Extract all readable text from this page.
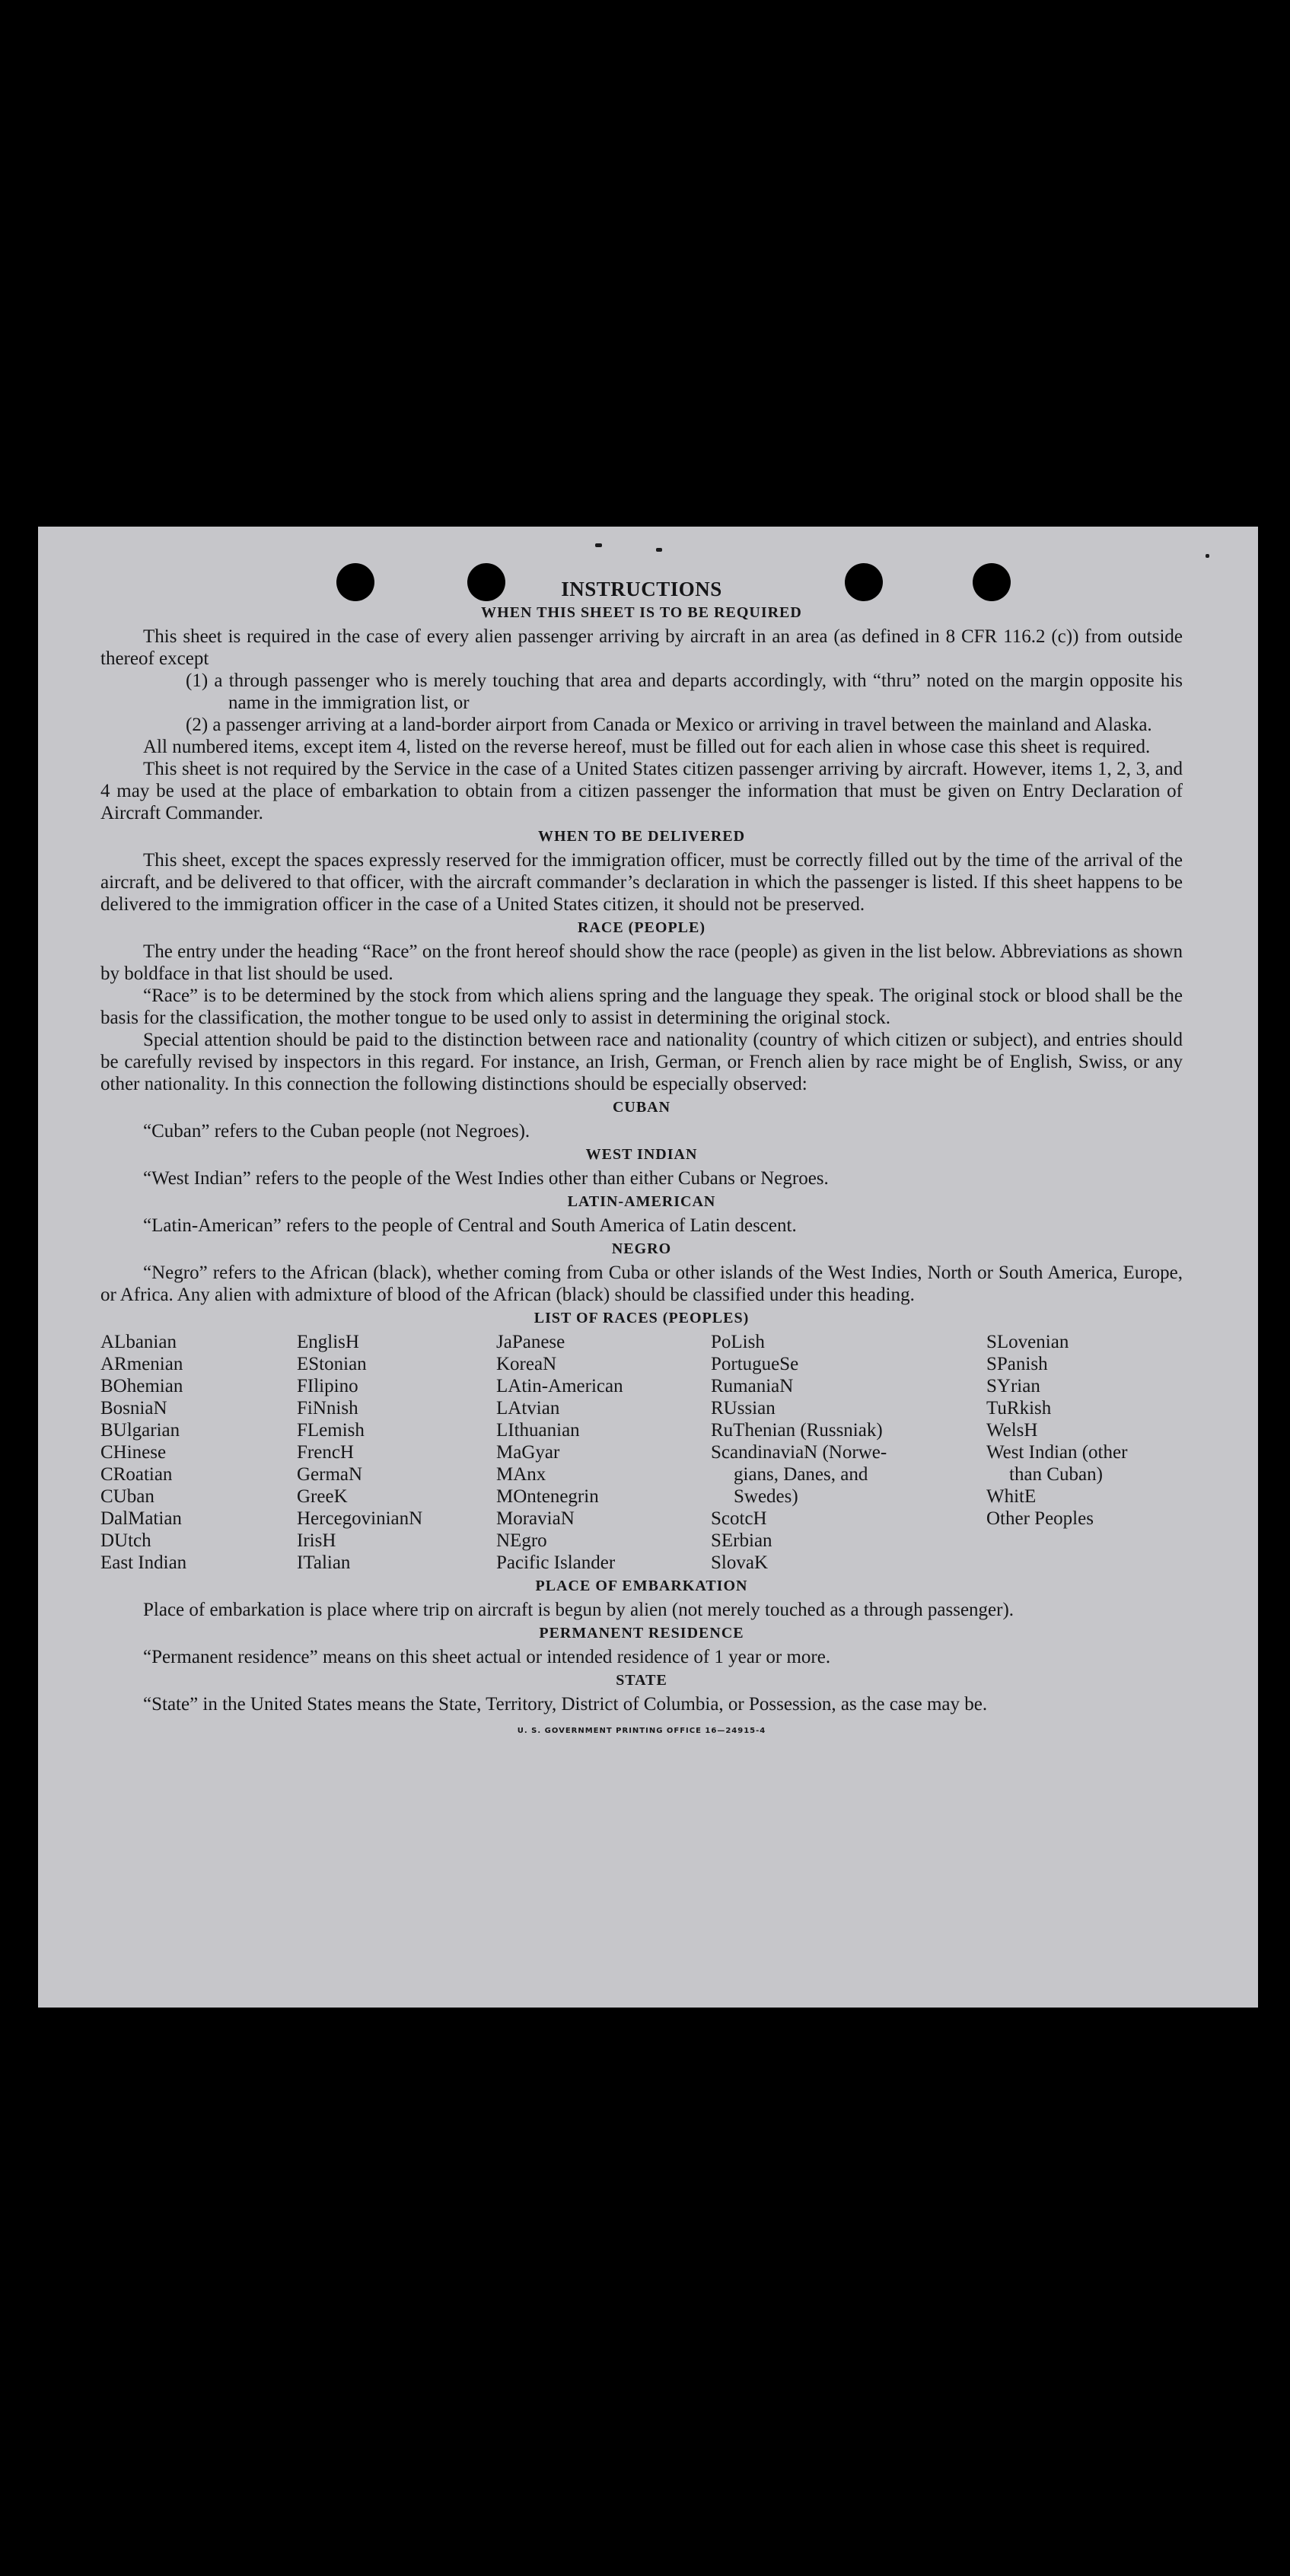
INSTRUCTIONS
WHEN THIS SHEET IS TO BE REQUIRED

This sheet is required in the case of every alien passenger arriving by aircraft in an area (as defined in 8 CFR 116.2 (c)) from outside thereof except

(1) a through passenger who is merely touching that area and departs accordingly, with “thru” noted on the margin opposite his name in the immigration list, or

(2) a passenger arriving at a land-border airport from Canada or Mexico or arriving in travel between the mainland and Alaska.

All numbered items, except item 4, listed on the reverse hereof, must be filled out for each alien in whose case this sheet is required.

This sheet is not required by the Service in the case of a United States citizen passenger arriving by aircraft. However, items 1, 2, 3, and 4 may be used at the place of embarkation to obtain from a citizen passenger the information that must be given on Entry Declaration of Aircraft Commander.

WHEN TO BE DELIVERED

This sheet, except the spaces expressly reserved for the immigration officer, must be correctly filled out by the time of the arrival of the aircraft, and be delivered to that officer, with the aircraft commander’s declaration in which the passenger is listed. If this sheet happens to be delivered to the immigration officer in the case of a United States citizen, it should not be preserved.

RACE (PEOPLE)

The entry under the heading “Race” on the front hereof should show the race (people) as given in the list below. Abbreviations as shown by boldface in that list should be used.

“Race” is to be determined by the stock from which aliens spring and the language they speak. The original stock or blood shall be the basis for the classification, the mother tongue to be used only to assist in determining the original stock.

Special attention should be paid to the distinction between race and nationality (country of which citizen or subject), and entries should be carefully revised by inspectors in this regard. For instance, an Irish, German, or French alien by race might be of English, Swiss, or any other nationality. In this connection the following distinctions should be especially observed:

CUBAN

“Cuban” refers to the Cuban people (not Negroes).

WEST INDIAN

“West Indian” refers to the people of the West Indies other than either Cubans or Negroes.

LATIN-AMERICAN

“Latin-American” refers to the people of Central and South America of Latin descent.

NEGRO

“Negro” refers to the African (black), whether coming from Cuba or other islands of the West Indies, North or South America, Europe, or Africa. Any alien with admixture of blood of the African (black) should be classified under this heading.

LIST OF RACES (PEOPLES)
ALbanian
ARmenian
BOhemian
BosniaN
BUlgarian
CHinese
CRoatian
CUban
DalMatian
DUtch
East Indian
EnglisH
EStonian
FIlipino
FiNnish
FLemish
FrencH
GermaN
GreeK
HercegovinianN
IrisH
ITalian
JaPanese
KoreaN
LAtin-American
LAtvian
LIthuanian
MaGyar
MAnx
MOntenegrin
MoraviaN
NEgro
Pacific Islander
PoLish
PortugueSe
RumaniaN
RUssian
RuThenian (Russniak)
ScandinaviaN (Norwe-
gians, Danes, and
Swedes)
ScotcH
SErbian
SlovaK
SLovenian
SPanish
SYrian
TuRkish
WelsH
West Indian (other
than Cuban)
WhitE
Other Peoples
PLACE OF EMBARKATION

Place of embarkation is place where trip on aircraft is begun by alien (not merely touched as a through passenger).

PERMANENT RESIDENCE

“Permanent residence” means on this sheet actual or intended residence of 1 year or more.

STATE

“State” in the United States means the State, Territory, District of Columbia, or Possession, as the case may be.

U. S. GOVERNMENT PRINTING OFFICE 16—24915-4
